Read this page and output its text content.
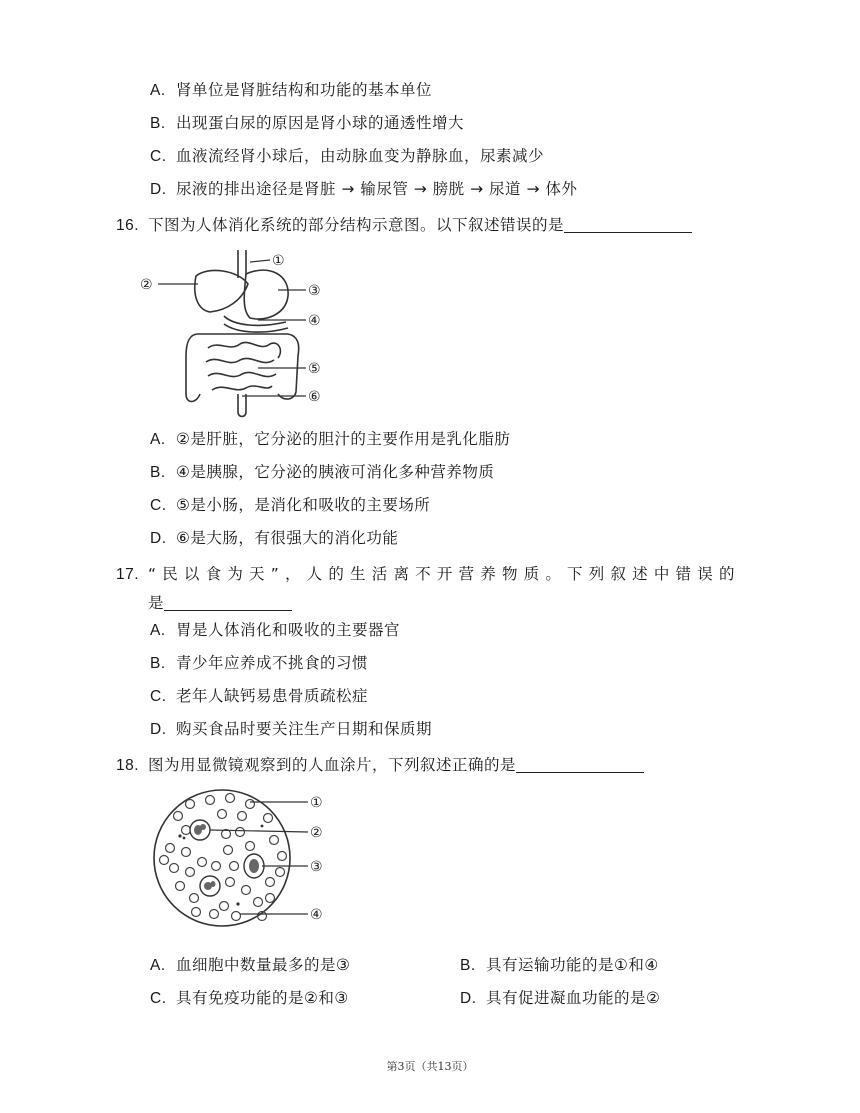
A. 肾单位是肾脏结构和功能的基本单位
B. 出现蛋白尿的原因是肾小球的通透性增大
C. 血液流经肾小球后，由动脉血变为静脉血，尿素减少
D. 尿液的排出途径是肾脏 → 输尿管 → 膀胱 → 尿道 → 体外
16. 下图为人体消化系统的部分结构示意图。以下叙述错误的是
①
②	③
④
⑤
⑥
A. ②是肝脏，它分泌的胆汁的主要作用是乳化脂肪
B. ④是胰腺，它分泌的胰液可消化多种营养物质
C. ⑤是小肠，是消化和吸收的主要场所
D. ⑥是大肠，有很强大的消化功能
17. “民以食为天”，人的生活离不开营养物质。下列叙述中错误的
是
A. 胃是人体消化和吸收的主要器官
B. 青少年应养成不挑食的习惯
C. 老年人缺钙易患骨质疏松症
D. 购买食品时要关注生产日期和保质期
18. 图为用显微镜观察到的人血涂片，下列叙述正确的是
①
②
③
④
A. 血细胞中数量最多的是③	B. 具有运输功能的是①和④
C. 具有免疫功能的是②和③	D. 具有促进凝血功能的是②
第3页（共13页）
